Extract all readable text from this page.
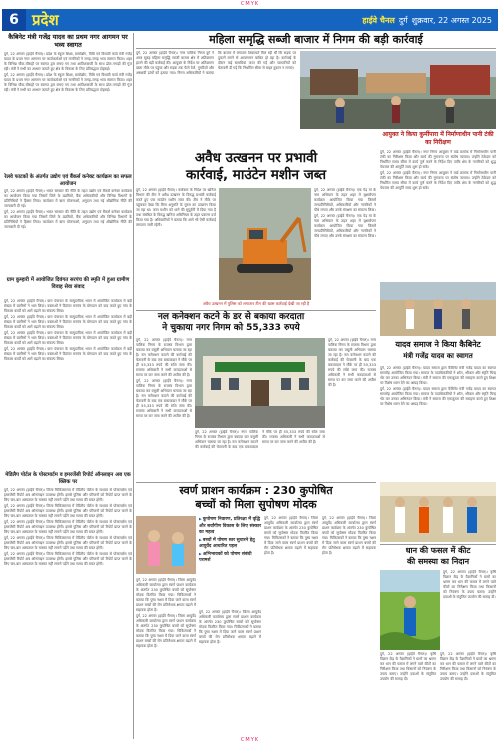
CMYK
6 प्रदेश	हाईवे चैनल दुर्ग शुक्रवार, 22 अगस्त 2025
महिला समृद्धि सब्जी बाजार में निगम की बड़ी कार्रवाई
कैबिनेट मंत्री गजेंद्र यादव का प्रथम नगर आगमन पर भव्य स्वागत

दुर्ग, 22 अगस्त (हाईवे चैनल)। प्रदेश के स्कूल शिक्षा, ग्रामोद्योग, विधि एवं विधायी कार्य मंत्री गजेंद्र यादव के प्रथम नगर आगमन पर कार्यकर्ताओं एवं नागरिकों ने जगह-जगह भव्य स्वागत किया। शहर के विभिन्न चौक-चौराहों पर स्वागत द्वार बनाए गए तथा आतिशबाजी के साथ ढोल-नगाड़ों की गूंज रही। मंत्री ने सभी का आभार जताते हुए क्षेत्र के विकास के लिए प्रतिबद्धता दोहराई।

दुर्ग, 22 अगस्त (हाईवे चैनल)। प्रदेश के स्कूल शिक्षा, ग्रामोद्योग, विधि एवं विधायी कार्य मंत्री गजेंद्र यादव के प्रथम नगर आगमन पर कार्यकर्ताओं एवं नागरिकों ने जगह-जगह भव्य स्वागत किया। शहर के विभिन्न चौक-चौराहों पर स्वागत द्वार बनाए गए तथा आतिशबाजी के साथ ढोल-नगाड़ों की गूंज रही। मंत्री ने सभी का आभार जताते हुए क्षेत्र के विकास के लिए प्रतिबद्धता दोहराई।

रेलवे फाटकों के अंतर्गत उद्योग एवं बैंकर्स कनेक्ट कार्यक्रम का सफल आयोजन

दुर्ग, 22 अगस्त (हाईवे चैनल)। भारत सरकार की नीति के तहत उद्योग एवं बैंकर्स कनेक्ट कार्यक्रम का आयोजन किया गया जिसमें जिले के उद्यमियों, बैंक अधिकारियों और विभिन्न विभागों के प्रतिनिधियों ने हिस्सा लिया। कार्यक्रम में ऋण योजनाओं, अनुदान तथा नई औद्योगिक नीति की जानकारी दी गई।

दुर्ग, 22 अगस्त (हाईवे चैनल)। भारत सरकार की नीति के तहत उद्योग एवं बैंकर्स कनेक्ट कार्यक्रम का आयोजन किया गया जिसमें जिले के उद्यमियों, बैंक अधिकारियों और विभिन्न विभागों के प्रतिनिधियों ने हिस्सा लिया। कार्यक्रम में ऋण योजनाओं, अनुदान तथा नई औद्योगिक नीति की जानकारी दी गई।

ग्राम कुम्हारी में आयोजित दिवंगत सरपंच की स्मृति में हुआ ग्रामीण विवाह सेवा संवाद

दुर्ग, 22 अगस्त (हाईवे चैनल)। ग्राम पंचायत के सामुदायिक भवन में आयोजित कार्यक्रम में बड़ी संख्या में ग्रामीणों ने भाग लिया। वक्ताओं ने दिवंगत सरपंच के योगदान को याद करते हुए गांव के विकास कार्यों को आगे बढ़ाने का संकल्प लिया।

दुर्ग, 22 अगस्त (हाईवे चैनल)। ग्राम पंचायत के सामुदायिक भवन में आयोजित कार्यक्रम में बड़ी संख्या में ग्रामीणों ने भाग लिया। वक्ताओं ने दिवंगत सरपंच के योगदान को याद करते हुए गांव के विकास कार्यों को आगे बढ़ाने का संकल्प लिया।

दुर्ग, 22 अगस्त (हाईवे चैनल)। ग्राम पंचायत के सामुदायिक भवन में आयोजित कार्यक्रम में बड़ी संख्या में ग्रामीणों ने भाग लिया। वक्ताओं ने दिवंगत सरपंच के योगदान को याद करते हुए गांव के विकास कार्यों को आगे बढ़ाने का संकल्प लिया।

दुर्ग, 22 अगस्त (हाईवे चैनल)। ग्राम पंचायत के सामुदायिक भवन में आयोजित कार्यक्रम में बड़ी संख्या में ग्रामीणों ने भाग लिया। वक्ताओं ने दिवंगत सरपंच के योगदान को याद करते हुए गांव के विकास कार्यों को आगे बढ़ाने का संकल्प लिया।

मेडिलैप पोर्टल के पोस्टमार्टम व इमरजेंसी रिपोर्ट ऑनलाइन अब एक क्लिक पर

दुर्ग, 22 अगस्त (हाईवे चैनल)। जिला चिकित्सालय में मेडिलैप पोर्टल के माध्यम से पोस्टमार्टम एवं इमरजेंसी रिपोर्ट अब ऑनलाइन उपलब्ध होंगी। इससे पुलिस और परिजनों को रिपोर्ट प्राप्त करने के लिए बार-बार अस्पताल के चक्कर नहीं लगाने पड़ेंगे तथा समय की बचत होगी।

दुर्ग, 22 अगस्त (हाईवे चैनल)। जिला चिकित्सालय में मेडिलैप पोर्टल के माध्यम से पोस्टमार्टम एवं इमरजेंसी रिपोर्ट अब ऑनलाइन उपलब्ध होंगी। इससे पुलिस और परिजनों को रिपोर्ट प्राप्त करने के लिए बार-बार अस्पताल के चक्कर नहीं लगाने पड़ेंगे तथा समय की बचत होगी।

दुर्ग, 22 अगस्त (हाईवे चैनल)। जिला चिकित्सालय में मेडिलैप पोर्टल के माध्यम से पोस्टमार्टम एवं इमरजेंसी रिपोर्ट अब ऑनलाइन उपलब्ध होंगी। इससे पुलिस और परिजनों को रिपोर्ट प्राप्त करने के लिए बार-बार अस्पताल के चक्कर नहीं लगाने पड़ेंगे तथा समय की बचत होगी।

दुर्ग, 22 अगस्त (हाईवे चैनल)। जिला चिकित्सालय में मेडिलैप पोर्टल के माध्यम से पोस्टमार्टम एवं इमरजेंसी रिपोर्ट अब ऑनलाइन उपलब्ध होंगी। इससे पुलिस और परिजनों को रिपोर्ट प्राप्त करने के लिए बार-बार अस्पताल के चक्कर नहीं लगाने पड़ेंगे तथा समय की बचत होगी।

दुर्ग, 22 अगस्त (हाईवे चैनल)। जिला चिकित्सालय में मेडिलैप पोर्टल के माध्यम से पोस्टमार्टम एवं इमरजेंसी रिपोर्ट अब ऑनलाइन उपलब्ध होंगी। इससे पुलिस और परिजनों को रिपोर्ट प्राप्त करने के लिए बार-बार अस्पताल के चक्कर नहीं लगाने पड़ेंगे तथा समय की बचत होगी।

दुर्ग, 22 अगस्त (हाईवे चैनल)। नगर पालिक निगम दुर्ग ने आज सुबह महिला समृद्धि सब्जी बाजार क्षेत्र में अतिक्रमण हटाने की बड़ी कार्रवाई की। आयुक्त के निर्देश पर अतिक्रमण दस्ता मौके पर पहुंचा और सड़क तक फैले ठेले, गुमटियों और अस्थायी ढांचों को हटाया गया। निगम अधिकारियों ने बताया कि बाजार में लगातार शिकायतें मिल रही थीं कि सड़क पर दुकानें लगने से आवागमन बाधित हो रहा है। कार्रवाई के दौरान कई सामग्रियां जब्त की गईं और व्यापारियों को चेतावनी दी गई कि निर्धारित सीमा से बाहर दुकान न लगाएं।

आयुक्त ने किया कुर्मीपारा में निर्माणाधीन पानी टंकी का निरीक्षण

दुर्ग, 22 अगस्त (हाईवे चैनल)। नगर निगम आयुक्त ने वार्ड क्रमांक में निर्माणाधीन पानी टंकी का निरीक्षण किया और कार्य की गुणवत्ता पर संतोष जताया। उन्होंने ठेकेदार को निर्धारित समय सीमा में कार्य पूर्ण करने के निर्देश दिए ताकि क्षेत्र के नागरिकों को शुद्ध पेयजल की आपूर्ति जल्द शुरू हो सके।

दुर्ग, 22 अगस्त (हाईवे चैनल)। नगर निगम आयुक्त ने वार्ड क्रमांक में निर्माणाधीन पानी टंकी का निरीक्षण किया और कार्य की गुणवत्ता पर संतोष जताया। उन्होंने ठेकेदार को निर्धारित समय सीमा में कार्य पूर्ण करने के निर्देश दिए ताकि क्षेत्र के नागरिकों को शुद्ध पेयजल की आपूर्ति जल्द शुरू हो सके।

अवैध उत्खनन पर प्रभावी
कार्रवाई, माउंटेन मशीन जब्त

दुर्ग, 22 अगस्त (हाईवे चैनल)। कलेक्टर के निर्देश पर खनिज विभाग की टीम ने अवैध उत्खनन के विरुद्ध प्रभावी कार्रवाई करते हुए एक माउंटेन मशीन जब्त की। टीम ने मौके पर पहुंचकर देखा कि बिना अनुमति के मुरुम का उत्खनन किया जा रहा था। जब्त मशीन को थाने की सुपुर्दगी में दिया गया है तथा संबंधित के विरुद्ध खनिज अधिनियम के तहत प्रकरण दर्ज किया गया है। अधिकारियों ने बताया कि आगे भी ऐसी कार्रवाई लगातार जारी रहेगी।

दुर्ग, 22 अगस्त (हाईवे चैनल)। एक पेड़ मां के नाम अभियान के तहत शहर में वृक्षारोपण कार्यक्रम आयोजित किया गया जिसमें जनप्रतिनिधियों, अधिकारियों और नागरिकों ने पौधे लगाए और उनके संरक्षण का संकल्प लिया।

दुर्ग, 22 अगस्त (हाईवे चैनल)। एक पेड़ मां के नाम अभियान के तहत शहर में वृक्षारोपण कार्यक्रम आयोजित किया गया जिसमें जनप्रतिनिधियों, अधिकारियों और नागरिकों ने पौधे लगाए और उनके संरक्षण का संकल्प लिया।

अवैध उत्खनन में पुलिस को लगातार टीम की खास कार्रवाई देखी जा रही है
नल कनेक्शन कटने के डर से बकाया करदाता
ने चुकाया नगर निगम को 55,333 रुपये

दुर्ग, 22 अगस्त (हाईवे चैनल)। नगर पालिक निगम के राजस्व विभाग द्वारा बकाया कर वसूली अभियान चलाया जा रहा है। नल कनेक्शन काटने की कार्रवाई की चेतावनी के बाद एक बकायादार ने मौके पर ही 55,333 रुपये की राशि जमा की। राजस्व अधिकारी ने सभी करदाताओं से समय पर कर जमा करने की अपील की है।

दुर्ग, 22 अगस्त (हाईवे चैनल)। नगर पालिक निगम के राजस्व विभाग द्वारा बकाया कर वसूली अभियान चलाया जा रहा है। नल कनेक्शन काटने की कार्रवाई की चेतावनी के बाद एक बकायादार ने मौके पर ही 55,333 रुपये की राशि जमा की। राजस्व अधिकारी ने सभी करदाताओं से समय पर कर जमा करने की अपील की है।

दुर्ग, 22 अगस्त (हाईवे चैनल)। नगर पालिक निगम के राजस्व विभाग द्वारा बकाया कर वसूली अभियान चलाया जा रहा है। नल कनेक्शन काटने की कार्रवाई की चेतावनी के बाद एक बकायादार ने मौके पर ही 55,333 रुपये की राशि जमा की। राजस्व अधिकारी ने सभी करदाताओं से समय पर कर जमा करने की अपील की है।

दुर्ग, 22 अगस्त (हाईवे चैनल)। नगर पालिक निगम के राजस्व विभाग द्वारा बकाया कर वसूली अभियान चलाया जा रहा है। नल कनेक्शन काटने की कार्रवाई की चेतावनी के बाद एक बकायादार ने मौके पर ही 55,333 रुपये की राशि जमा की। राजस्व अधिकारी ने सभी करदाताओं से समय पर कर जमा करने की अपील की है।

यादव समाज ने किया कैबिनेट
मंत्री गजेंद्र यादव का स्वागत

दुर्ग, 22 अगस्त (हाईवे चैनल)। यादव समाज द्वारा कैबिनेट मंत्री गजेंद्र यादव का स्वागत समारोह आयोजित किया गया। समाज के पदाधिकारियों ने शॉल, श्रीफल और स्मृति चिन्ह भेंट कर उनका अभिनंदन किया। मंत्री ने समाज की एकजुटता की सराहना करते हुए शिक्षा पर विशेष ध्यान देने का आग्रह किया।

दुर्ग, 22 अगस्त (हाईवे चैनल)। यादव समाज द्वारा कैबिनेट मंत्री गजेंद्र यादव का स्वागत समारोह आयोजित किया गया। समाज के पदाधिकारियों ने शॉल, श्रीफल और स्मृति चिन्ह भेंट कर उनका अभिनंदन किया। मंत्री ने समाज की एकजुटता की सराहना करते हुए शिक्षा पर विशेष ध्यान देने का आग्रह किया।

स्वर्ण प्राशन कार्यक्रम : 230 कुपोषित
बच्चों को मिला सुपोषण मोदक
▶ कुपोषण निवारण, प्रतिरक्षा में वृद्धि और सर्वांगीण विकास के लिए संस्कार का महत्व
▶ बच्चों में पोषण स्तर सुधारने हेतु आयुर्वेद आधारित पहल
▶ अभिभावकों को पोषण संबंधी परामर्श

दुर्ग, 22 अगस्त (हाईवे चैनल)। जिला आयुर्वेद अधिकारी कार्यालय द्वारा स्वर्ण प्राशन कार्यक्रम के अंतर्गत 230 कुपोषित बच्चों को सुपोषण मोदक वितरित किया गया। चिकित्सकों ने बताया कि पुष्य नक्षत्र में दिया जाने वाला स्वर्ण प्राशन बच्चों की रोग प्रतिरोधक क्षमता बढ़ाने में सहायक होता है।

दुर्ग, 22 अगस्त (हाईवे चैनल)। जिला आयुर्वेद अधिकारी कार्यालय द्वारा स्वर्ण प्राशन कार्यक्रम के अंतर्गत 230 कुपोषित बच्चों को सुपोषण मोदक वितरित किया गया। चिकित्सकों ने बताया कि पुष्य नक्षत्र में दिया जाने वाला स्वर्ण प्राशन बच्चों की रोग प्रतिरोधक क्षमता बढ़ाने में सहायक होता है।

दुर्ग, 22 अगस्त (हाईवे चैनल)। जिला आयुर्वेद अधिकारी कार्यालय द्वारा स्वर्ण प्राशन कार्यक्रम के अंतर्गत 230 कुपोषित बच्चों को सुपोषण मोदक वितरित किया गया। चिकित्सकों ने बताया कि पुष्य नक्षत्र में दिया जाने वाला स्वर्ण प्राशन बच्चों की रोग प्रतिरोधक क्षमता बढ़ाने में सहायक होता है।

दुर्ग, 22 अगस्त (हाईवे चैनल)। जिला आयुर्वेद अधिकारी कार्यालय द्वारा स्वर्ण प्राशन कार्यक्रम के अंतर्गत 230 कुपोषित बच्चों को सुपोषण मोदक वितरित किया गया। चिकित्सकों ने बताया कि पुष्य नक्षत्र में दिया जाने वाला स्वर्ण प्राशन बच्चों की रोग प्रतिरोधक क्षमता बढ़ाने में सहायक होता है।

दुर्ग, 22 अगस्त (हाईवे चैनल)। जिला आयुर्वेद अधिकारी कार्यालय द्वारा स्वर्ण प्राशन कार्यक्रम के अंतर्गत 230 कुपोषित बच्चों को सुपोषण मोदक वितरित किया गया। चिकित्सकों ने बताया कि पुष्य नक्षत्र में दिया जाने वाला स्वर्ण प्राशन बच्चों की रोग प्रतिरोधक क्षमता बढ़ाने में सहायक होता है।	धान की फसल में कीट
की समस्या का निदान

दुर्ग, 22 अगस्त (हाईवे चैनल)। कृषि विज्ञान केंद्र के वैज्ञानिकों ने ग्रामों का भ्रमण कर धान की फसल में लगने वाले कीटों का निरीक्षण किया तथा किसानों को नियंत्रण के उपाय बताए। उन्होंने दवाओं के संतुलित उपयोग की सलाह दी।

दुर्ग, 22 अगस्त (हाईवे चैनल)। कृषि विज्ञान केंद्र के वैज्ञानिकों ने ग्रामों का भ्रमण कर धान की फसल में लगने वाले कीटों का निरीक्षण किया तथा किसानों को नियंत्रण के उपाय बताए। उन्होंने दवाओं के संतुलित उपयोग की सलाह दी।

दुर्ग, 22 अगस्त (हाईवे चैनल)। कृषि विज्ञान केंद्र के वैज्ञानिकों ने ग्रामों का भ्रमण कर धान की फसल में लगने वाले कीटों का निरीक्षण किया तथा किसानों को नियंत्रण के उपाय बताए। उन्होंने दवाओं के संतुलित उपयोग की सलाह दी।

CMYK
